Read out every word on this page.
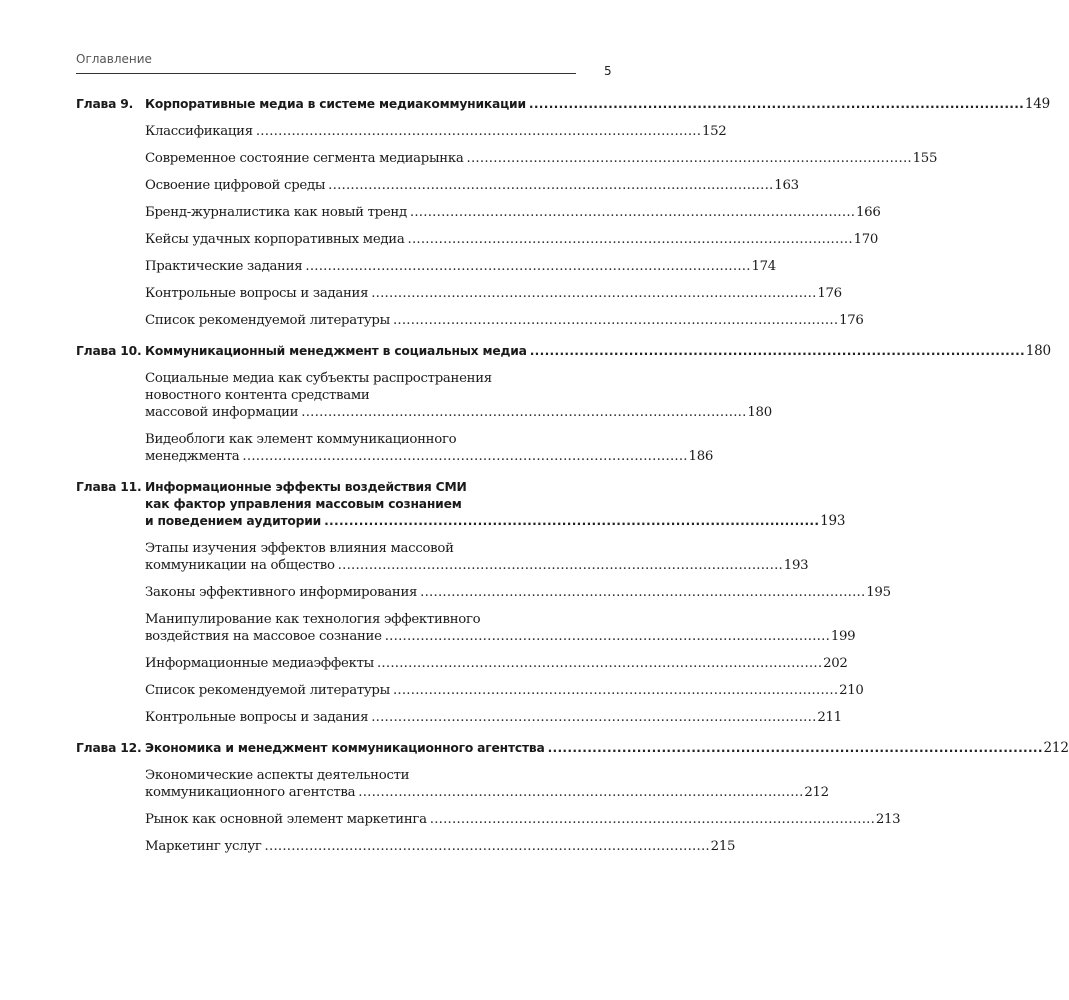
Оглавление
5
Глава 9. Корпоративные медиа в системе медиакоммуникации . . .	149
Классификация . . .	152
Современное состояние сегмента медиарынка . . .	155
Освоение цифровой среды . . .	163
Бренд-журналистика как новый тренд . . .	166
Кейсы удачных корпоративных медиа . . .	170
Практические задания . . .	174
Контрольные вопросы и задания . . .	176
Список рекомендуемой литературы . . .	176
Глава 10. Коммуникационный менеджмент в социальных медиа . . .	180
Социальные медиа как субъекты распространения
новостного контента средствами
массовой информации . . .	180
Видеоблоги как элемент коммуникационного
менеджмента . . .	186
Глава 11. Информационные эффекты воздействия СМИ
как фактор управления массовым сознанием
и поведением аудитории . . .	193
Этапы изучения эффектов влияния массовой
коммуникации на общество . . .	193
Законы эффективного информирования . . .	195
Манипулирование как технология эффективного
воздействия на массовое сознание . . .	199
Информационные медиаэффекты . . .	202
Список рекомендуемой литературы . . .	210
Контрольные вопросы и задания . . .	211
Глава 12. Экономика и менеджмент коммуникационного агентства . . .	212
Экономические аспекты деятельности
коммуникационного агентства . . .	212
Рынок как основной элемент маркетинга . . .	213
Маркетинг услуг . . .	215
